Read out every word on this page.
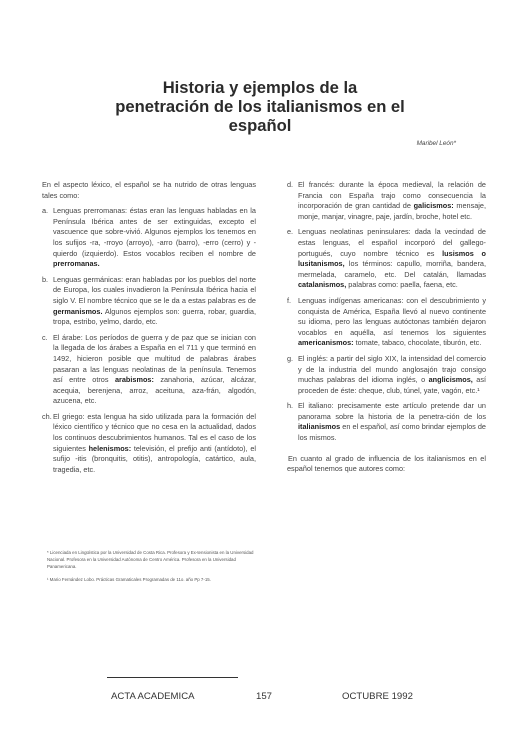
Historia y ejemplos de la
penetración de los italianismos en el
español
Maribel León*
En el aspecto léxico, el español se ha nutrido de otras lenguas tales como:
a. Lenguas prerromanas: éstas eran las lenguas habladas en la Península Ibérica antes de ser extinguidas, excepto el vascuence que sobre-vivió. Algunos ejemplos los tenemos en los sufijos -ra, -rroyo (arroyo), -arro (barro), -erro (cerro) y -quierdo (izquierdo). Estos vocablos reciben el nombre de prerromanas.
b. Lenguas germánicas: eran habladas por los pueblos del norte de Europa, los cuales invadieron la Península Ibérica hacia el siglo V. El nombre técnico que se le da a estas palabras es de germanismos. Algunos ejemplos son: guerra, robar, guardia, tropa, estribo, yelmo, dardo, etc.
c. El árabe: Los períodos de guerra y de paz que se inician con la llegada de los árabes a España en el 711 y que terminó en 1492, hicieron posible que multitud de palabras árabes pasaran a las lenguas neolatinas de la península. Tenemos así entre otros arabismos: zanahoria, azúcar, alcázar, acequia, berenjena, arroz, aceituna, aza-frán, algodón, azucena, etc.
ch. El griego: esta lengua ha sido utilizada para la formación del léxico científico y técnico que no cesa en la actualidad, dados los continuos descubrimientos humanos. Tal es el caso de los siguientes helenismos: televisión, el prefijo anti (antídoto), el sufijo -itis (bronquitis, otitis), antropología, catártico, aula, tragedia, etc.
* Licenciada en Lingüística por la Universidad de Costa Rica. Profesora y Ex-tensionista en la Universidad Nacional. Profesora en la Universidad Autónoma de Centro América. Profesora en la Universidad Panamericana.
¹ Mario Fernández Lobo. Prácticas Gramaticales Programadas de 11o. año Pp 7-15.
d. El francés: durante la época medieval, la relación de Francia con España trajo como consecuencia la incorporación de gran cantidad de galicismos: mensaje, monje, manjar, vinagre, paje, jardín, broche, hotel etc.
e. Lenguas neolatinas peninsulares: dada la vecindad de estas lenguas, el español incorporó del gallego-portugués, cuyo nombre técnico es lusismos o lusitanismos, los términos: capullo, morriña, bandera, mermelada, caramelo, etc. Del catalán, llamadas catalanismos, palabras como: paella, faena, etc.
f. Lenguas indígenas americanas: con el descubrimiento y conquista de América, España llevó al nuevo continente su idioma, pero las lenguas autóctonas también dejaron vocablos en aquélla, así tenemos los siguientes americanismos: tomate, tabaco, chocolate, tiburón, etc.
g. El inglés: a partir del siglo XIX, la intensidad del comercio y de la industria del mundo anglosajón trajo consigo muchas palabras del idioma inglés, o anglicismos, así proceden de éste: cheque, club, túnel, yate, vagón, etc.¹
h. El italiano: precisamente este artículo pretende dar un panorama sobre la historia de la penetra-ción de los italianismos en el español, así como brindar ejemplos de los mismos.
En cuanto al grado de influencia de los italianismos en el español tenemos que autores como:
ACTA ACADEMICA	157	OCTUBRE 1992
